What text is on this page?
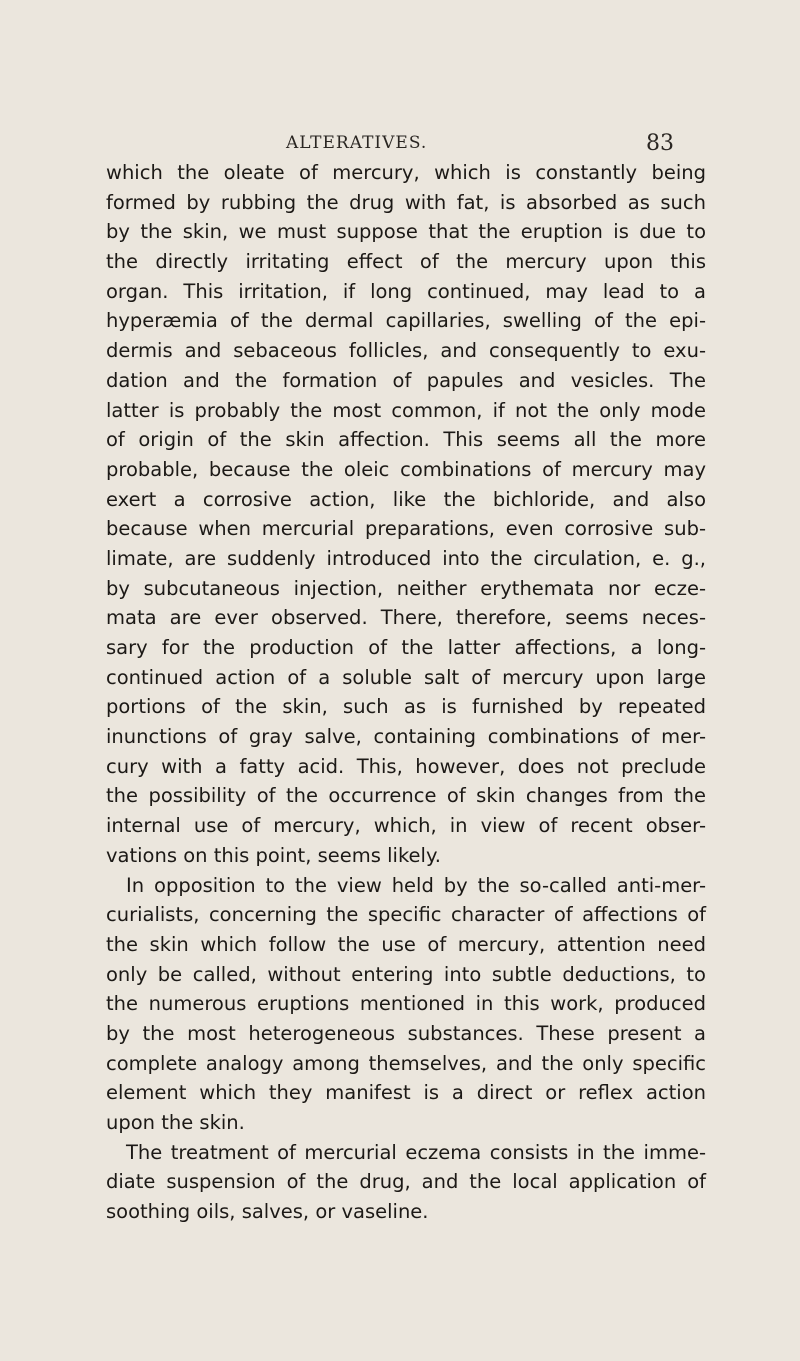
ALTERATIVES.	83
which the oleate of mercury, which is constantly being
formed by rubbing the drug with fat, is absorbed as such
by the skin, we must suppose that the eruption is due to
the directly irritating effect of the mercury upon this
organ. This irritation, if long continued, may lead to a
hyperæmia of the dermal capillaries, swelling of the epi-
dermis and sebaceous follicles, and consequently to exu-
dation and the formation of papules and vesicles. The
latter is probably the most common, if not the only mode
of origin of the skin affection. This seems all the more
probable, because the oleic combinations of mercury may
exert a corrosive action, like the bichloride, and also
because when mercurial preparations, even corrosive sub-
limate, are suddenly introduced into the circulation, e. g.,
by subcutaneous injection, neither erythemata nor ecze-
mata are ever observed. There, therefore, seems neces-
sary for the production of the latter affections, a long-
continued action of a soluble salt of mercury upon large
portions of the skin, such as is furnished by repeated
inunctions of gray salve, containing combinations of mer-
cury with a fatty acid. This, however, does not preclude
the possibility of the occurrence of skin changes from the
internal use of mercury, which, in view of recent obser-
vations on this point, seems likely.
In opposition to the view held by the so-called anti-mer-
curialists, concerning the specific character of affections of
the skin which follow the use of mercury, attention need
only be called, without entering into subtle deductions, to
the numerous eruptions mentioned in this work, produced
by the most heterogeneous substances. These present a
complete analogy among themselves, and the only specific
element which they manifest is a direct or reflex action
upon the skin.
The treatment of mercurial eczema consists in the imme-
diate suspension of the drug, and the local application of
soothing oils, salves, or vaseline.
